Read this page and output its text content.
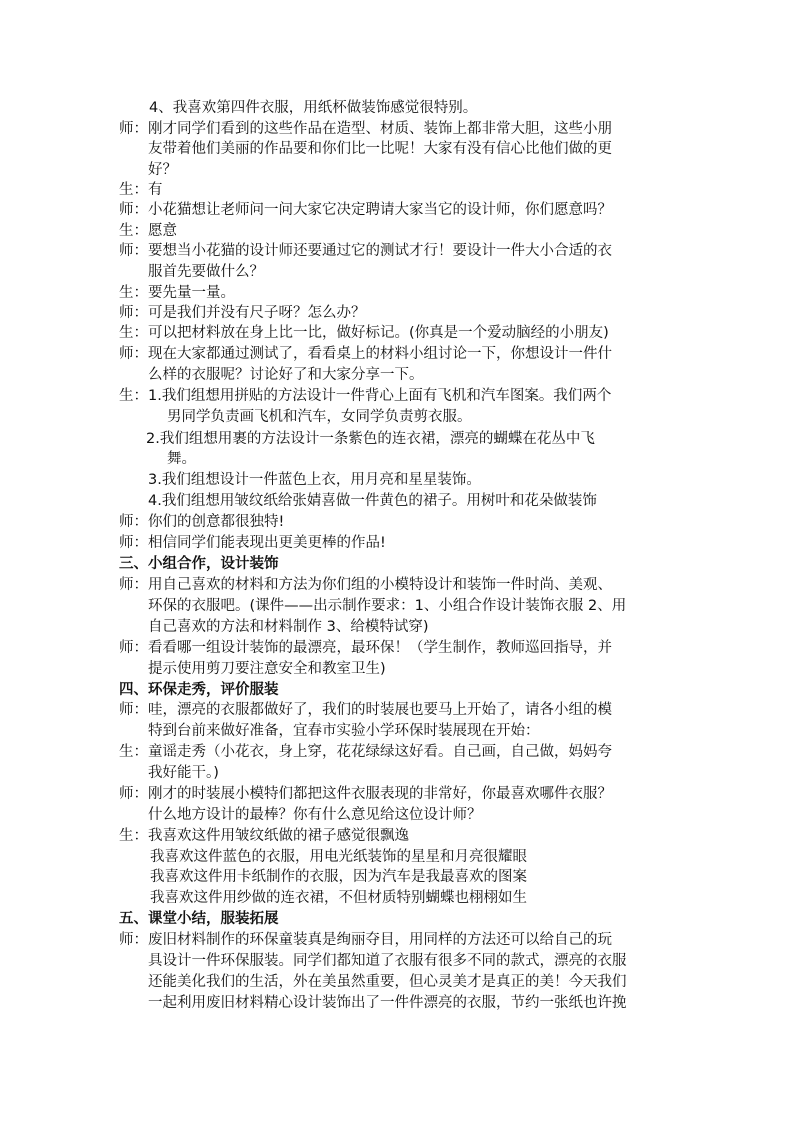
4、我喜欢第四件衣服，用纸杯做装饰感觉很特别。
师：刚才同学们看到的这些作品在造型、材质、装饰上都非常大胆，这些小朋
友带着他们美丽的作品要和你们比一比呢！大家有没有信心比他们做的更
好？
生：有
师：小花猫想让老师问一问大家它决定聘请大家当它的设计师，你们愿意吗？
生：愿意
师：要想当小花猫的设计师还要通过它的测试才行！要设计一件大小合适的衣
服首先要做什么？
生：要先量一量。
师：可是我们并没有尺子呀？怎么办？
生：可以把材料放在身上比一比，做好标记。(你真是一个爱动脑经的小朋友)
师：现在大家都通过测试了，看看桌上的材料小组讨论一下，你想设计一件什
么样的衣服呢？讨论好了和大家分享一下。
生：1.我们组想用拼贴的方法设计一件背心上面有飞机和汽车图案。我们两个
男同学负责画飞机和汽车，女同学负责剪衣服。
2.我们组想用裹的方法设计一条紫色的连衣裙，漂亮的蝴蝶在花丛中飞
舞。
3.我们组想设计一件蓝色上衣，用月亮和星星装饰。
4.我们组想用皱纹纸给张婧喜做一件黄色的裙子。用树叶和花朵做装饰
师：你们的创意都很独特!
师：相信同学们能表现出更美更棒的作品!
三、小组合作，设计装饰
师：用自己喜欢的材料和方法为你们组的小模特设计和装饰一件时尚、美观、
环保的衣服吧。(课件——出示制作要求：1、小组合作设计装饰衣服 2、用
自己喜欢的方法和材料制作 3、给模特试穿)
师：看看哪一组设计装饰的最漂亮，最环保！（学生制作，教师巡回指导，并
提示使用剪刀要注意安全和教室卫生)
四、环保走秀，评价服装
师：哇，漂亮的衣服都做好了，我们的时装展也要马上开始了，请各小组的模
特到台前来做好准备，宜春市实验小学环保时装展现在开始：
生：童谣走秀（小花衣，身上穿，花花绿绿这好看。自己画，自己做，妈妈夸
我好能干。)
师：刚才的时装展小模特们都把这件衣服表现的非常好，你最喜欢哪件衣服？
什么地方设计的最棒？你有什么意见给这位设计师？
生：我喜欢这件用皱纹纸做的裙子感觉很飘逸
我喜欢这件蓝色的衣服，用电光纸装饰的星星和月亮很耀眼
我喜欢这件用卡纸制作的衣服，因为汽车是我最喜欢的图案
我喜欢这件用纱做的连衣裙，不但材质特别蝴蝶也栩栩如生
五、课堂小结，服装拓展
师：废旧材料制作的环保童装真是绚丽夺目，用同样的方法还可以给自己的玩
具设计一件环保服装。同学们都知道了衣服有很多不同的款式，漂亮的衣服
还能美化我们的生活，外在美虽然重要，但心灵美才是真正的美！今天我们
一起利用废旧材料精心设计装饰出了一件件漂亮的衣服，节约一张纸也许挽
